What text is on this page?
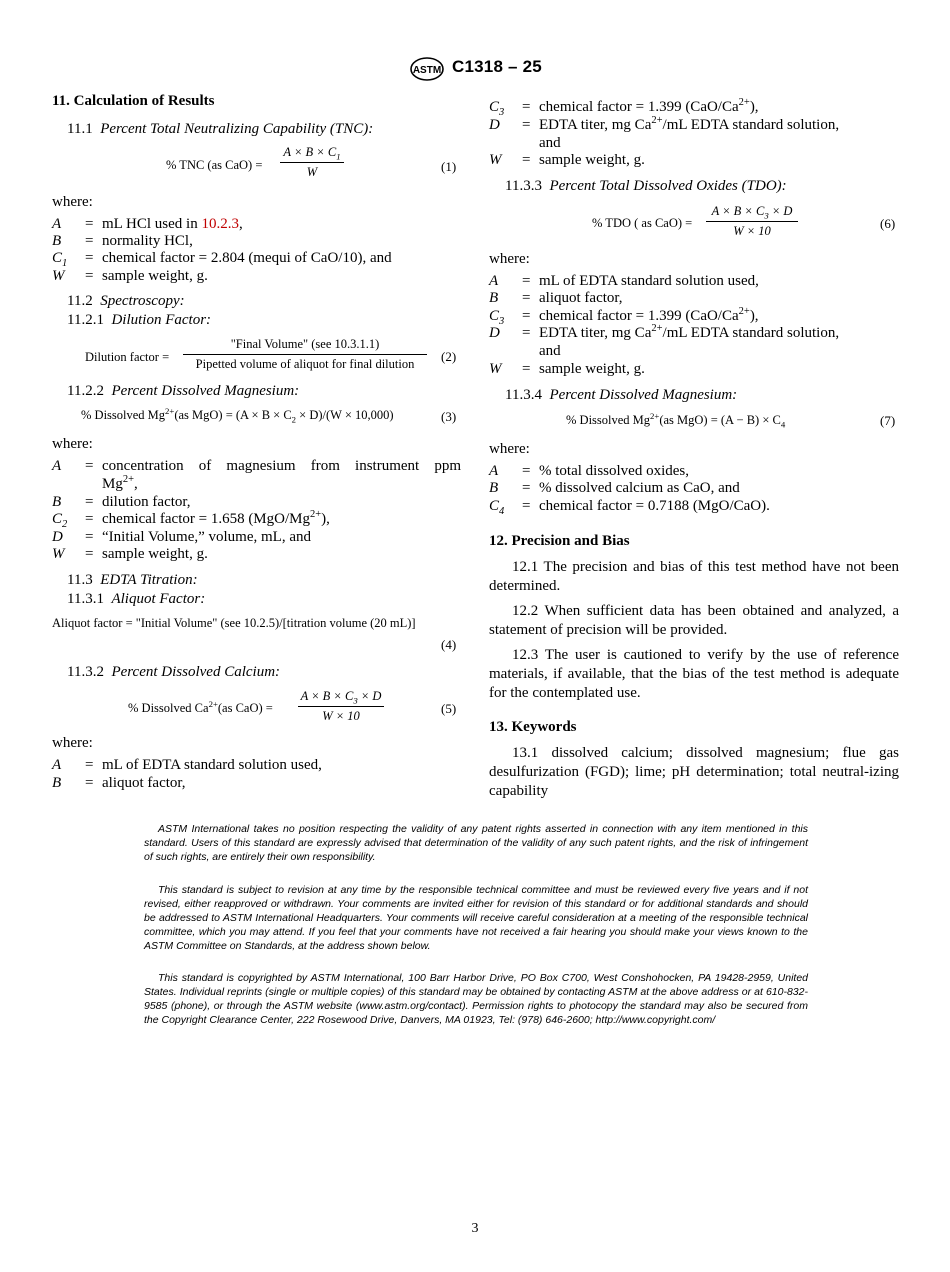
ASTM C1318 – 25
11. Calculation of Results
11.1 Percent Total Neutralizing Capability (TNC):
% TNC (as $CaO) = \frac{A \times B \times C_1}{W}$	(1)
where:
A = mL HCl used in 10.2.3,
B = normality HCl,
$C_1$ = chemical factor = 2.804 (mequi of CaO/10), and
W = sample weight, g.
11.2 Spectroscopy:
11.2.1 Dilution Factor:
Dilution factor =
"Final Volume" (see 10.3.1.1)
Pipetted volume of aliquot for final dilution	(2)
11.2.2 Percent Dissolved Magnesium:
% Dissolved $Mg^{2+}(as$ $MgO) = (A \times B \times C_2 \times D)/(W \times 10,000)$	(3)
where:
A = concentration of magnesium from instrument ppm
$Mg^{2+}$,
B = dilution factor,
$C_2$ = chemical factor = 1.658 $(MgO/Mg^{2+})$,
D = “Initial Volume,” volume, mL, and
W = sample weight, g.
11.3 EDTA Titration:
11.3.1 Aliquot Factor:
Aliquot factor = "Initial Volume" (see 10.2.5)/[titration volume (20 mL)]
(4)
11.3.2 Percent Dissolved Calcium:
% Dissolved $Ca^{2+}(as$ $CaO) = \frac{A \times B \times C_3 \times D}{W \times 10}$	(5)
where:
A = mL of EDTA standard solution used,
B = aliquot factor,
$C_3$ = chemical factor = 1.399 $(CaO/Ca^{2+})$,
D = EDTA titer, mg $Ca^{2+}/mL$ EDTA standard solution,
and
W = sample weight, g.
11.3.3 Percent Total Dissolved Oxides (TDO):
% TDO ( as $CaO) = \frac{A \times B \times C_3 \times D}{W \times 10}$	(6)
where:
A = mL of EDTA standard solution used,
B = aliquot factor,
$C_3$ = chemical factor = 1.399 $(CaO/Ca^{2+})$,
D = EDTA titer, mg $Ca^{2+}/mL$ EDTA standard solution,
and
W = sample weight, g.
11.3.4 Percent Dissolved Magnesium:
% Dissolved $Mg^{2+}(as$ $MgO) = (A - B) \times C_4$	(7)
where:
A = % total dissolved oxides,
B = % dissolved calcium as CaO, and
$C_4$ = chemical factor = 0.7188 (MgO/CaO).
12. Precision and Bias
12.1 The precision and bias of this test method have not been determined.
12.2 When sufficient data has been obtained and analyzed, a statement of precision will be provided.
12.3 The user is cautioned to verify by the use of reference materials, if available, that the bias of the test method is adequate for the contemplated use.
13. Keywords
13.1 dissolved calcium; dissolved magnesium; flue gas desulfurization (FGD); lime; pH determination; total neutral-izing capability
ASTM International takes no position respecting the validity of any patent rights asserted in connection with any item mentioned in this standard. Users of this standard are expressly advised that determination of the validity of any such patent rights, and the risk of infringement of such rights, are entirely their own responsibility.
This standard is subject to revision at any time by the responsible technical committee and must be reviewed every five years and if not revised, either reapproved or withdrawn. Your comments are invited either for revision of this standard or for additional standards and should be addressed to ASTM International Headquarters. Your comments will receive careful consideration at a meeting of the responsible technical committee, which you may attend. If you feel that your comments have not received a fair hearing you should make your views known to the ASTM Committee on Standards, at the address shown below.
This standard is copyrighted by ASTM International, 100 Barr Harbor Drive, PO Box C700, West Conshohocken, PA 19428-2959, United States. Individual reprints (single or multiple copies) of this standard may be obtained by contacting ASTM at the above address or at 610-832-9585 (phone), or through the ASTM website (www.astm.org/contact). Permission rights to photocopy the standard may also be secured from the Copyright Clearance Center, 222 Rosewood Drive, Danvers, MA 01923, Tel: (978) 646-2600; http://www.copyright.com/
3
